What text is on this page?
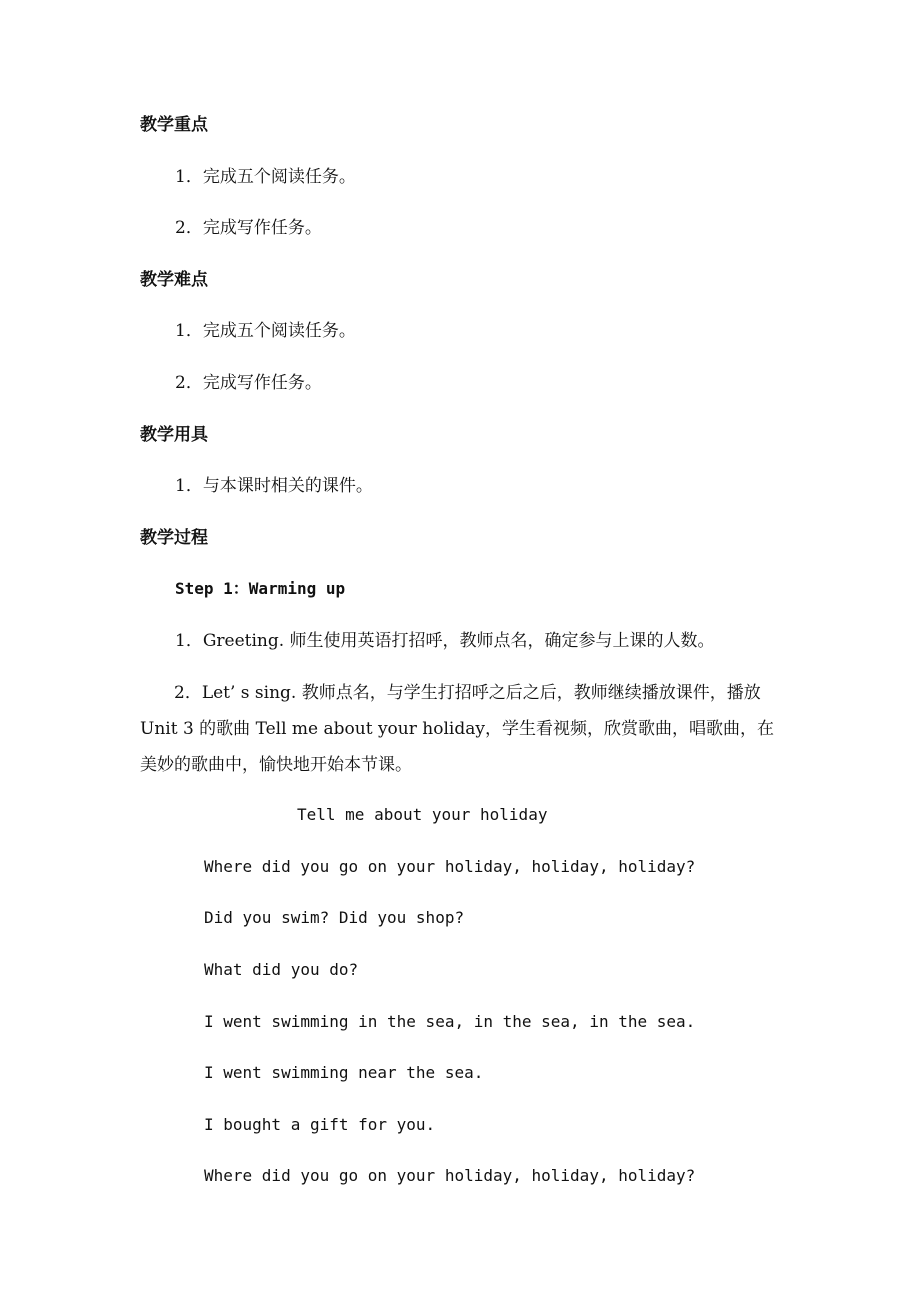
教学重点
1．完成五个阅读任务。
2．完成写作任务。
教学难点
1．完成五个阅读任务。
2．完成写作任务。
教学用具
1．与本课时相关的课件。
教学过程
Step 1：Warming up
1．Greeting. 师生使用英语打招呼，教师点名，确定参与上课的人数。
2．Let’ s sing. 教师点名，与学生打招呼之后之后，教师继续播放课件，播放 Unit 3 的歌曲 Tell me about your holiday，学生看视频，欣赏歌曲，唱歌曲，在美妙的歌曲中，愉快地开始本节课。
Tell me about your holiday
Where did you go on your holiday, holiday, holiday?
Did you swim? Did you shop?
What did you do?
I went swimming in the sea, in the sea, in the sea.
I went swimming near the sea.
I bought a gift for you.
Where did you go on your holiday, holiday, holiday?
